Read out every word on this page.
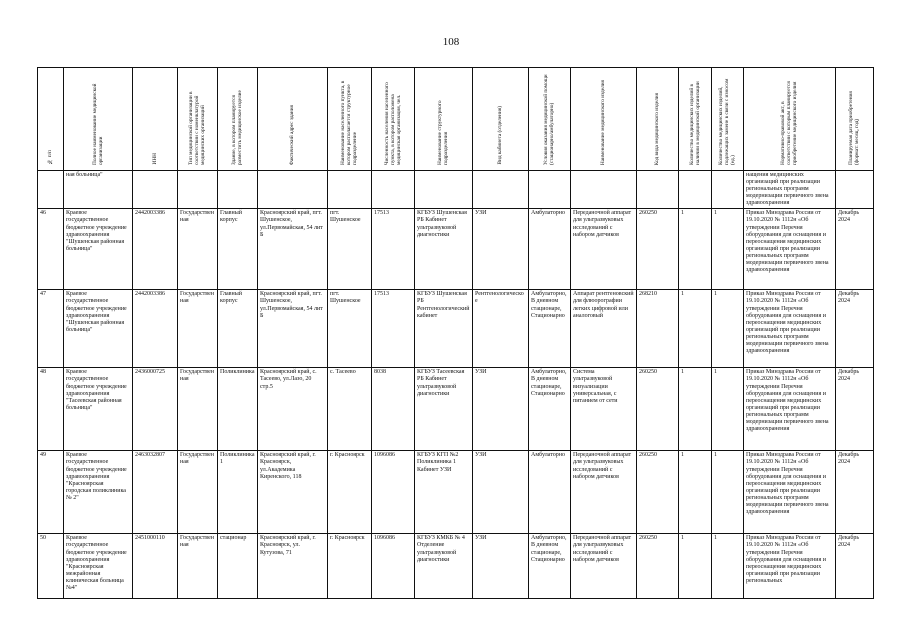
108
№ п/п	Полное наименование медицинской организации	ИНН	Тип медицинской организации в соответствии с номенклатурой медицинских организаций	Здание, в котором планируется разместить медицинское изделие	Фактический адрес здания	Наименование населенного пункта, в котором располагается структурное подразделение	Численность населения населенного пункта, в котором расположена медицинская организация, чел.	Наименование структурного подразделения	Вид кабинета (отделения)	Условия оказания медицинской помощи (стационарно/амбулаторно)	Наименование медицинского изделия	Код вида медицинского изделия	Количество медицинских изделий в наличии в медицинской организации	Количество медицинских изделий, подлежащих замене в связи с износом (ед.)	Нормативно-правовой акт, в соответствии с которым планируется приобретение медицинского изделия	Планируемая дата приобретения (формат: месяц, год)
	ная больница"														нащения медицинских организаций при реализации региональных программ модернизации первичного звена здравоохранения	
46	Краевое государственное бюджетное учреждение здравоохранения "Шушенская районная больница"	2442003386	Государственная	Главный корпус	Красноярский край, пгт. Шушенское, ул.Первомайская, 54 лит Б	пгт. Шушенское	17513	КГБУЗ Шушенская РБ Кабинет ультразвуковой диагностики	УЗИ	Амбулаторно	Переданочной аппарат для ультразвуковых исследований с набором датчиков	260250	1	1	Приказ Минздрава России от 19.10.2020 № 1112н «Об утверждении Перечня оборудования для оснащения и переоснащения медицинских организаций при реализации региональных программ модернизации первичного звена здравоохранения	Декабрь 2024
47	Краевое государственное бюджетное учреждение здравоохранения "Шушенская районная больница"	2442003386	Государственная	Главный корпус	Красноярский край, пгт. Шушенское, ул.Первомайская, 54 лит Б	пгт. Шушенское	17513	КГБУЗ Шушенская РБ Рентгенологический кабинет	Рентгенологическое	Амбулаторно, В дневном стационаре, Стационарно	Аппарат рентгеновский для флюорографии легких цифровой или аналоговый	268210	1	1	Приказ Минздрава России от 19.10.2020 № 1112н «Об утверждении Перечня оборудования для оснащения и переоснащения медицинских организаций при реализации региональных программ модернизации первичного звена здравоохранения	Декабрь 2024
48	Краевое государственное бюджетное учреждение здравоохранения "Тасеевская районная больница"	2436000725	Государственная	Поликлиника	Красноярский край, с. Тасеево, ул.Лазо, 20 стр.5	с. Тасеево	8038	КГБУЗ Тасеевская РБ Кабинет ультразвуковой диагностики	УЗИ	Амбулаторно, В дневном стационаре, Стационарно	Система ультразвуковой визуализации универсальная, с питанием от сети	260250	1	1	Приказ Минздрава России от 19.10.2020 № 1112н «Об утверждении Перечня оборудования для оснащения и переоснащения медицинских организаций при реализации региональных программ модернизации первичного звена здравоохранения	Декабрь 2024
49	Краевое государственное бюджетное учреждение здравоохранения "Красноярская городская поликлиника № 2"	2463032807	Государственная	Поликлиника 1	Красноярский край, г. Красноярск, ул.Академика Киренского, 118	г. Красноярск	1096086	КГБУЗ КГП №2 Поликлиника 1 Кабинет УЗИ	УЗИ	Амбулаторно	Переданочной аппарат для ультразвуковых исследований с набором датчиков	260250	1	1	Приказ Минздрава России от 19.10.2020 № 1112н «Об утверждении Перечня оборудования для оснащения и переоснащения медицинских организаций при реализации региональных программ модернизации первичного звена здравоохранения	Декабрь 2024
50	Краевое государственное бюджетное учреждение здравоохранения "Красноярская межрайонная клиническая больница №4"	2451000110	Государственная	стационар	Красноярский край, г. Красноярск, ул. Кутузова, 71	г. Красноярск	1096086	КГБУЗ КМКБ № 4 Отделение ультразвуковой диагностики	УЗИ	Амбулаторно, В дневном стационаре, Стационарно	Переданочной аппарат для ультразвуковых исследований с набором датчиков	260250	1	1	Приказ Минздрава России от 19.10.2020 № 1112н «Об утверждении Перечня оборудования для оснащения и переоснащения медицинских организаций при реализации региональных	Декабрь 2024
